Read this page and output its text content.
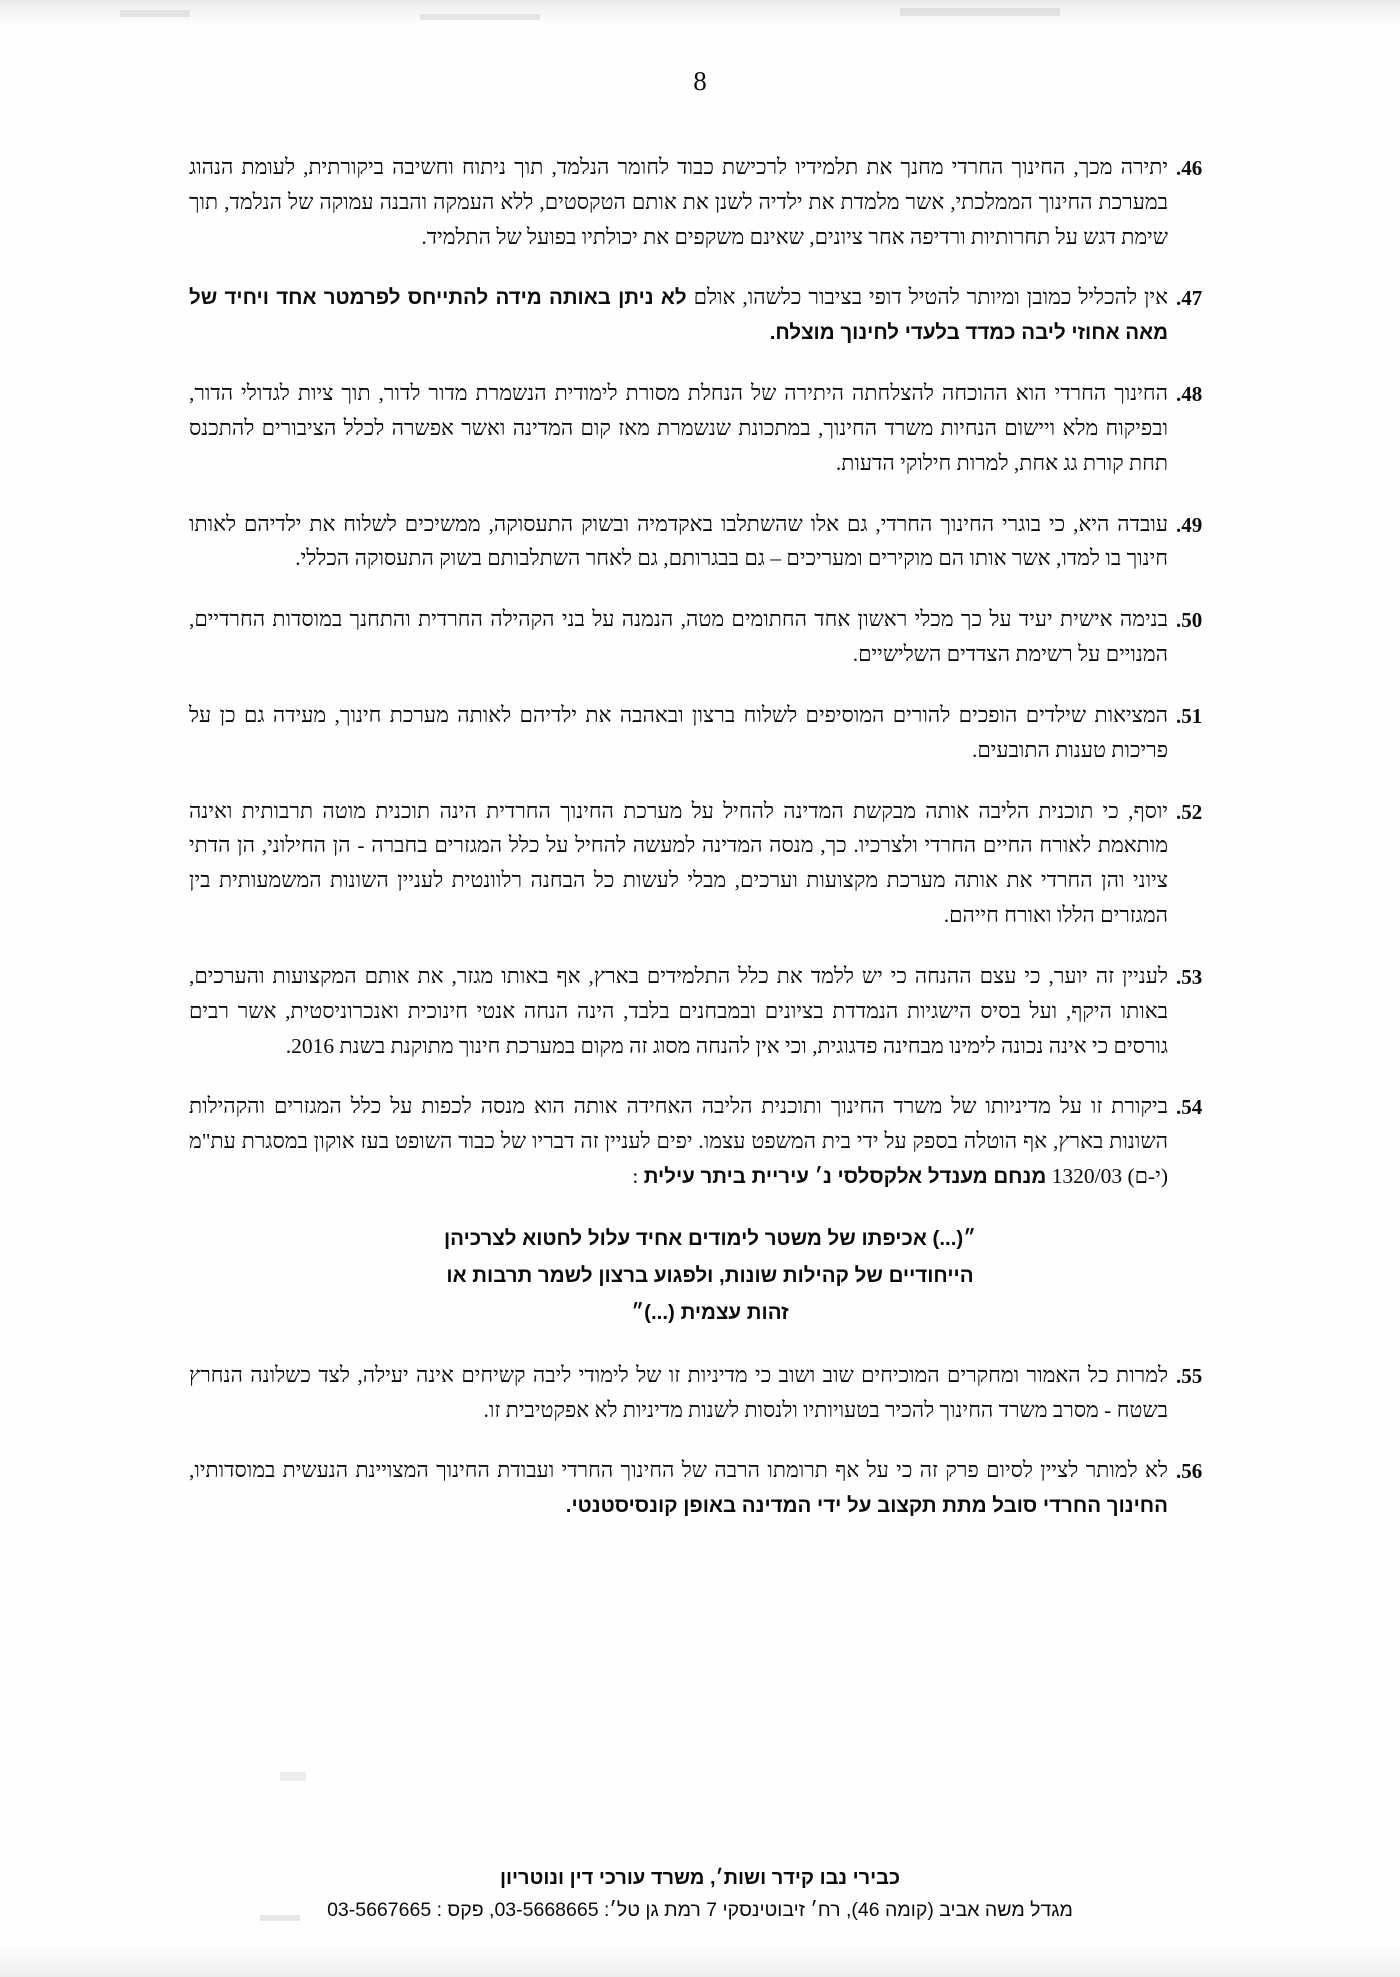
8
.46
יתירה מכך, החינוך החרדי מחנך את תלמידיו לרכישת כבוד לחומר הנלמד, תוך ניתוח וחשיבה ביקורתית, לעומת הנהוג במערכת החינוך הממלכתי, אשר מלמדת את ילדיה לשנן את אותם הטקסטים, ללא העמקה והבנה עמוקה של הנלמד, תוך שימת דגש על תחרותיות ורדיפה אחר ציונים, שאינם משקפים את יכולתיו בפועל של התלמיד.
.47
אין להכליל כמובן ומיותר להטיל דופי בציבור כלשהו, אולם לא ניתן באותה מידה להתייחס לפרמטר אחד ויחיד של מאה אחוזי ליבה כמדד בלעדי לחינוך מוצלח.
.48
החינוך החרדי הוא ההוכחה להצלחתה היתירה של הנחלת מסורת לימודית הנשמרת מדור לדור, תוך ציות לגדולי הדור, ובפיקוח מלא ויישום הנחיות משרד החינוך, במתכונת שנשמרת מאז קום המדינה ואשר אפשרה לכלל הציבורים להתכנס תחת קורת גג אחת, למרות חילוקי הדעות.
.49
עובדה היא, כי בוגרי החינוך החרדי, גם אלו שהשתלבו באקדמיה ובשוק התעסוקה, ממשיכים לשלוח את ילדיהם לאותו חינוך בו למדו, אשר אותו הם מוקירים ומעריכים – גם בבגרותם, גם לאחר השתלבותם בשוק התעסוקה הכללי.
.50
בנימה אישית יעיד על כך מכלי ראשון אחד החתומים מטה, הנמנה על בני הקהילה החרדית והתחנך במוסדות החרדיים, המנויים על רשימת הצדדים השלישיים.
.51
המציאות שילדים הופכים להורים המוסיפים לשלוח ברצון ובאהבה את ילדיהם לאותה מערכת חינוך, מעידה גם כן על פריכות טענות התובעים.
.52
יוסף, כי תוכנית הליבה אותה מבקשת המדינה להחיל על מערכת החינוך החרדית הינה תוכנית מוטה תרבותית ואינה מותאמת לאורח החיים החרדי ולצרכיו. כך, מנסה המדינה למעשה להחיל על כלל המגזרים בחברה - הן החילוני, הן הדתי ציוני והן החרדי את אותה מערכת מקצועות וערכים, מבלי לעשות כל הבחנה רלוונטית לעניין השונות המשמעותית בין המגזרים הללו ואורח חייהם.
.53
לעניין זה יוער, כי עצם ההנחה כי יש ללמד את כלל התלמידים בארץ, אף באותו מגזר, את אותם המקצועות והערכים, באותו היקף, ועל בסיס הישגיות הנמדדת בציונים ובמבחנים בלבד, הינה הנחה אנטי חינוכית ואנכרוניסטית, אשר רבים גורסים כי אינה נכונה לימינו מבחינה פדגוגית, וכי אין להנחה מסוג זה מקום במערכת חינוך מתוקנת בשנת 2016.
.54
ביקורת זו על מדיניותו של משרד החינוך ותוכנית הליבה האחידה אותה הוא מנסה לכפות על כלל המגזרים והקהילות השונות בארץ, אף הוטלה בספק על ידי בית המשפט עצמו. יפים לעניין זה דבריו של כבוד השופט בעז אוקון במסגרת עת"מ (י-ם) 1320/03 מנחם מענדל אלקסלסי נ׳ עיריית ביתר עילית :
״(...) אכיפתו של משטר לימודים אחיד עלול לחטוא לצרכיהן
הייחודיים של קהילות שונות, ולפגוע ברצון לשמר תרבות או
זהות עצמית (...)״
.55
למרות כל האמור ומחקרים המוכיחים שוב ושוב כי מדיניות זו של לימודי ליבה קשיחים אינה יעילה, לצד כשלונה הנחרץ בשטח - מסרב משרד החינוך להכיר בטעויותיו ולנסות לשנות מדיניות לא אפקטיבית זו.
.56
לא למותר לציין לסיום פרק זה כי על אף תרומתו הרבה של החינוך החרדי ועבודת החינוך המצויינת הנעשית במוסדותיו, החינוך החרדי סובל מתת תקצוב על ידי המדינה באופן קונסיסטנטי.
כבירי נבו קידר ושות׳, משרד עורכי דין ונוטריון
מגדל משה אביב (קומה 46), רח׳ זיבוטינסקי 7 רמת גן טל׳: 03-5668665, פקס : 03-5667665
